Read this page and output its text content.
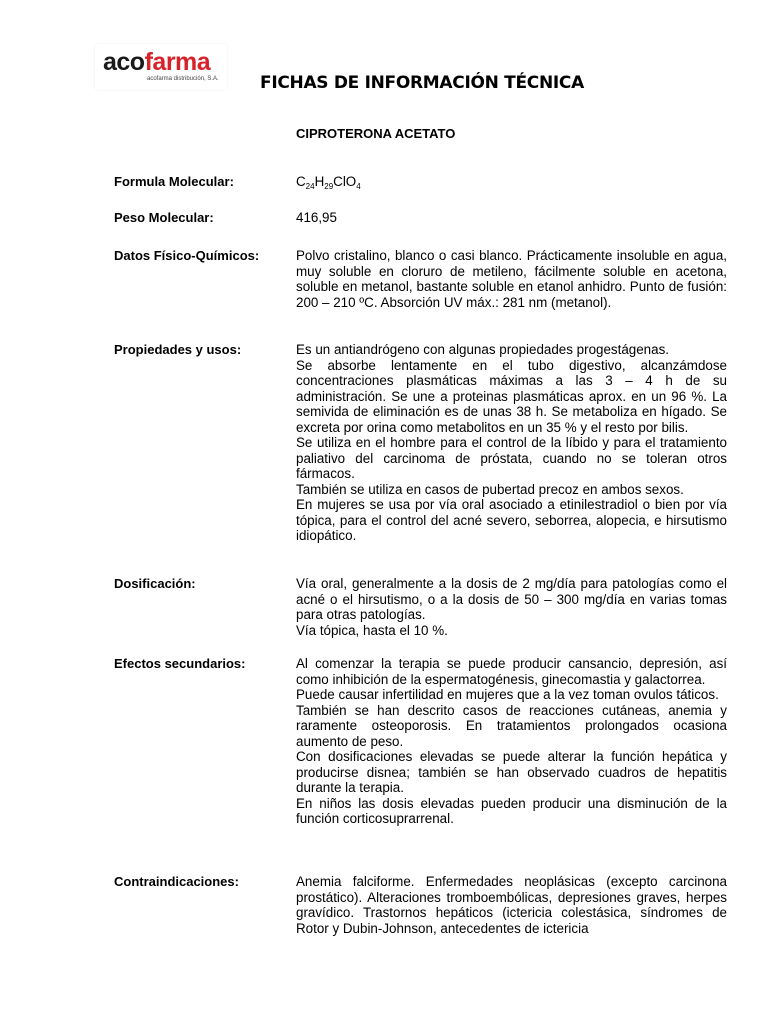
acofarma
acofarma distribución, S.A. FICHAS DE INFORMACIÓN TÉCNICA
CIPROTERONA ACETATO
Formula Molecular:	$C_{24}H_{29}ClO_4$
Peso Molecular:	416,95

Datos Físico-Químicos:	Polvo cristalino, blanco o casi blanco. Prácticamente insoluble en agua, muy soluble en cloruro de metileno, fácilmente soluble en acetona, soluble en metanol, bastante soluble en etanol anhidro. Punto de fusión: 200 – 210 ºC. Absorción UV máx.: 281 nm (metanol).

Propiedades y usos:	Es un antiandrógeno con algunas propiedades progestágenas.

Se absorbe lentamente en el tubo digestivo, alcanzámdose concentraciones plasmáticas máximas a las 3 – 4 h de su administración. Se une a proteinas plasmáticas aprox. en un 96 %. La semivida de eliminación es de unas 38 h. Se metaboliza en hígado. Se excreta por orina como metabolitos en un 35 % y el resto por bilis.

Se utiliza en el hombre para el control de la líbido y para el tratamiento paliativo del carcinoma de próstata, cuando no se toleran otros fármacos.

También se utiliza en casos de pubertad precoz en ambos sexos.

En mujeres se usa por vía oral asociado a etinilestradiol o bien por vía tópica, para el control del acné severo, seborrea, alopecia, e hirsutismo idiopático.

Dosificación:	Vía oral, generalmente a la dosis de 2 mg/día para patologías como el acné o el hirsutismo, o a la dosis de 50 – 300 mg/día en varias tomas para otras patologías.

Vía tópica, hasta el 10 %.

Efectos secundarios:	Al comenzar la terapia se puede producir cansancio, depresión, así como inhibición de la espermatogénesis, ginecomastia y galactorrea.

Puede causar infertilidad en mujeres que a la vez toman ovulos táticos.

También se han descrito casos de reacciones cutáneas, anemia y raramente osteoporosis. En tratamientos prolongados ocasiona aumento de peso.

Con dosificaciones elevadas se puede alterar la función hepática y producirse disnea; también se han observado cuadros de hepatitis durante la terapia.

En niños las dosis elevadas pueden producir una disminución de la función corticosuprarrenal.

Contraindicaciones:	Anemia falciforme. Enfermedades neoplásicas (excepto carcinona prostático). Alteraciones tromboembólicas, depresiones graves, herpes gravídico. Trastornos hepáticos (ictericia colestásica, síndromes de Rotor y Dubin-Johnson, antecedentes de ictericia
